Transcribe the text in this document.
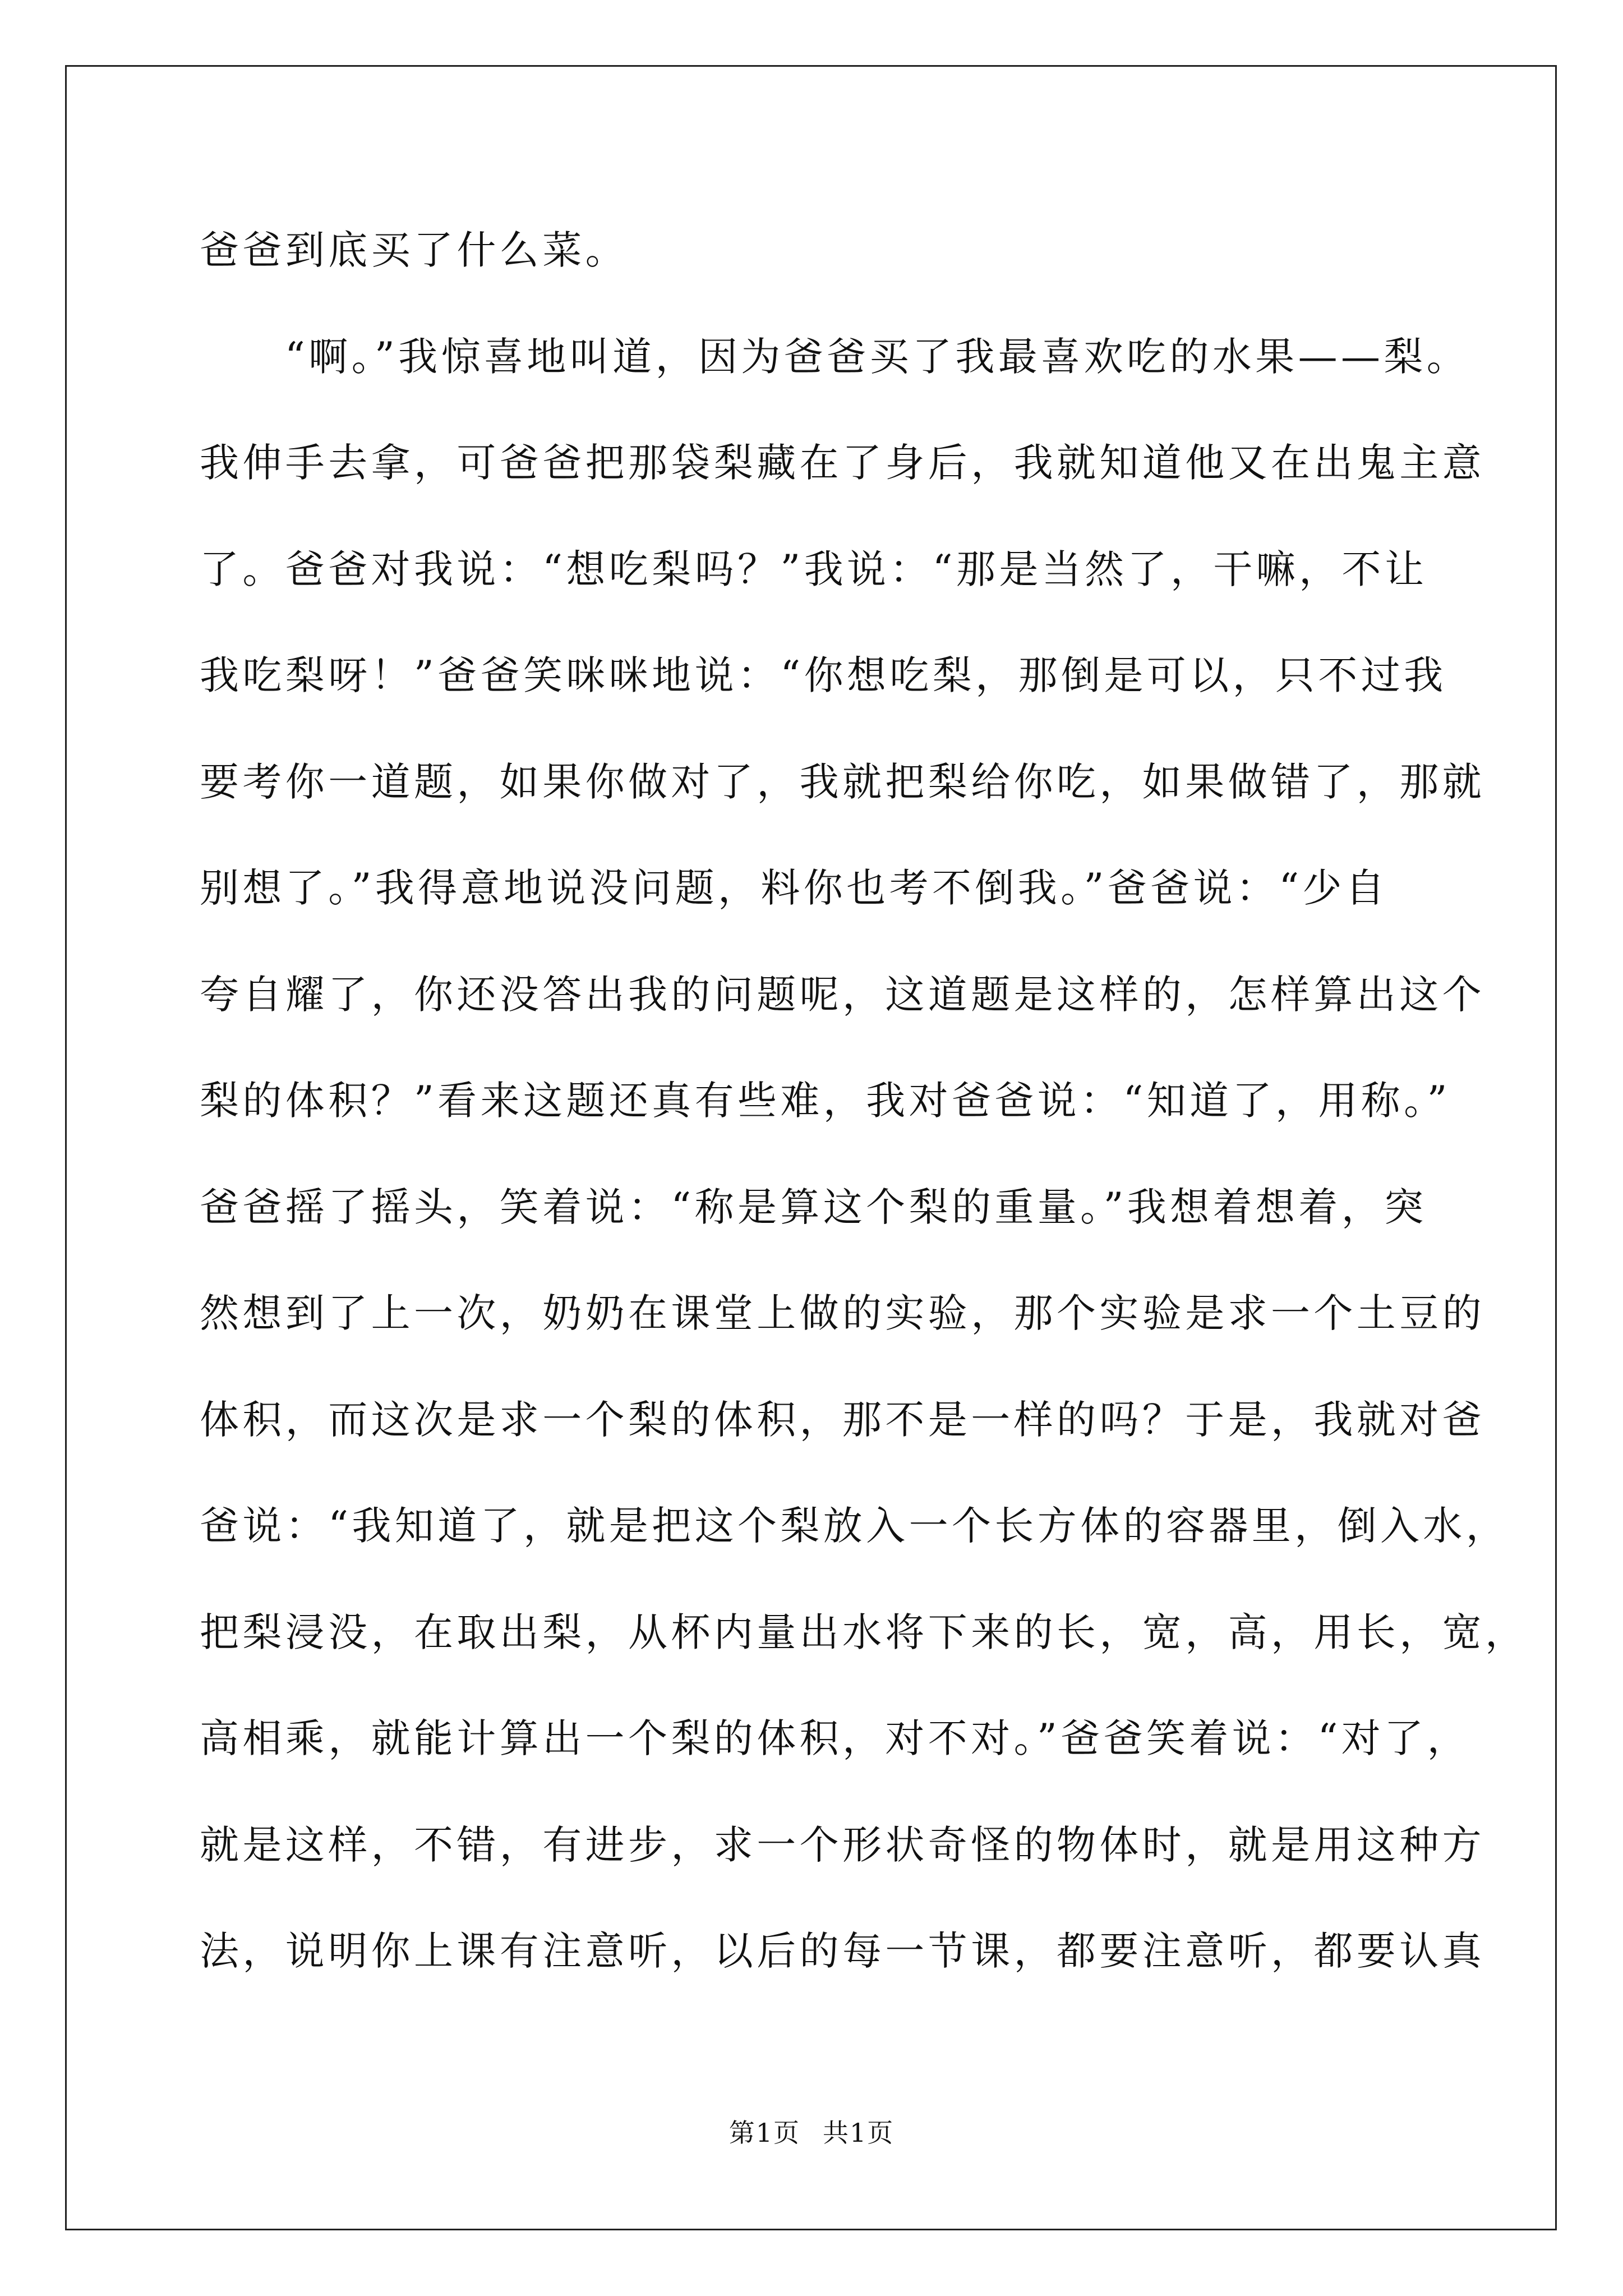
爸爸到底买了什么菜。
“啊。”我惊喜地叫道，因为爸爸买了我最喜欢吃的水果——梨。
我伸手去拿，可爸爸把那袋梨藏在了身后，我就知道他又在出鬼主意
了。爸爸对我说：“想吃梨吗？”我说：“那是当然了，干嘛，不让
我吃梨呀！”爸爸笑咪咪地说：“你想吃梨，那倒是可以，只不过我
要考你一道题，如果你做对了，我就把梨给你吃，如果做错了，那就
别想了。”我得意地说没问题，料你也考不倒我。”爸爸说：“少自
夸自耀了，你还没答出我的问题呢，这道题是这样的，怎样算出这个
梨的体积？”看来这题还真有些难，我对爸爸说：“知道了，用称。”
爸爸摇了摇头，笑着说：“称是算这个梨的重量。”我想着想着，突
然想到了上一次，奶奶在课堂上做的实验，那个实验是求一个土豆的
体积，而这次是求一个梨的体积，那不是一样的吗？于是，我就对爸
爸说：“我知道了，就是把这个梨放入一个长方体的容器里，倒入水，
把梨浸没，在取出梨，从杯内量出水将下来的长，宽，高，用长，宽，
高相乘，就能计算出一个梨的体积，对不对。”爸爸笑着说：“对了，
就是这样，不错，有进步，求一个形状奇怪的物体时，就是用这种方
法，说明你上课有注意听，以后的每一节课，都要注意听，都要认真
第1页 共1页
